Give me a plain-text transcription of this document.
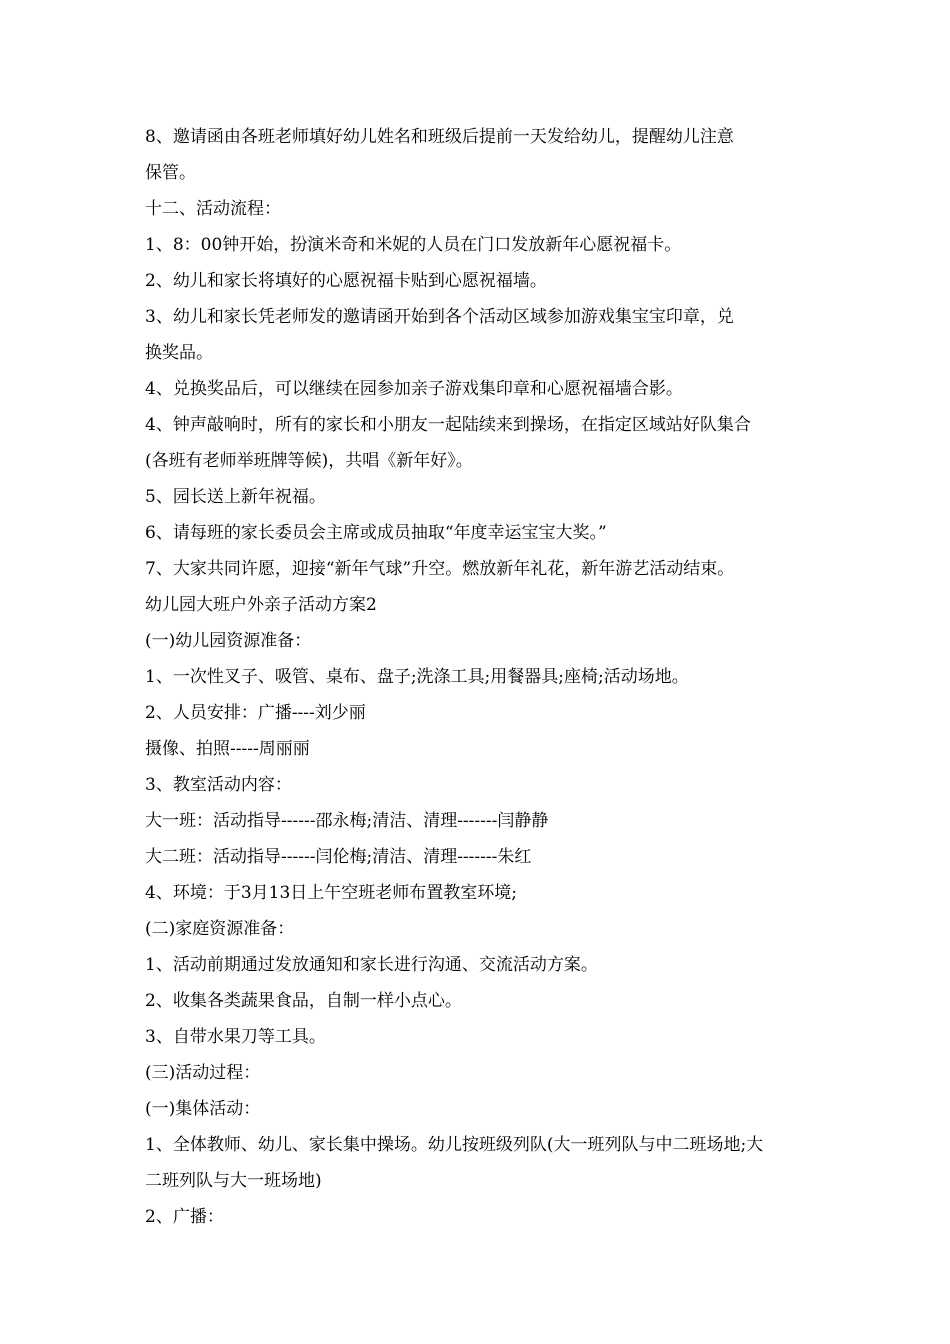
8、邀请函由各班老师填好幼儿姓名和班级后提前一天发给幼儿，提醒幼儿注意
保管。
十二、活动流程：
1、8：00钟开始，扮演米奇和米妮的人员在门口发放新年心愿祝福卡。
2、幼儿和家长将填好的心愿祝福卡贴到心愿祝福墙。
3、幼儿和家长凭老师发的邀请函开始到各个活动区域参加游戏集宝宝印章，兑
换奖品。
4、兑换奖品后，可以继续在园参加亲子游戏集印章和心愿祝福墙合影。
4、钟声敲响时，所有的家长和小朋友一起陆续来到操场，在指定区域站好队集合
(各班有老师举班牌等候)，共唱《新年好》。
5、园长送上新年祝福。
6、请每班的家长委员会主席或成员抽取“年度幸运宝宝大奖。”
7、大家共同许愿，迎接“新年气球”升空。燃放新年礼花，新年游艺活动结束。
幼儿园大班户外亲子活动方案2
(一)幼儿园资源准备：
1、一次性叉子、吸管、桌布、盘子;洗涤工具;用餐器具;座椅;活动场地。
2、人员安排：广播----刘少丽
摄像、拍照-----周丽丽
3、教室活动内容：
大一班：活动指导------邵永梅;清洁、清理-------闫静静
大二班：活动指导------闫伦梅;清洁、清理-------朱红
4、环境：于3月13日上午空班老师布置教室环境;
(二)家庭资源准备：
1、活动前期通过发放通知和家长进行沟通、交流活动方案。
2、收集各类蔬果食品，自制一样小点心。
3、自带水果刀等工具。
(三)活动过程：
(一)集体活动：
1、全体教师、幼儿、家长集中操场。幼儿按班级列队(大一班列队与中二班场地;大
二班列队与大一班场地)
2、广播：
